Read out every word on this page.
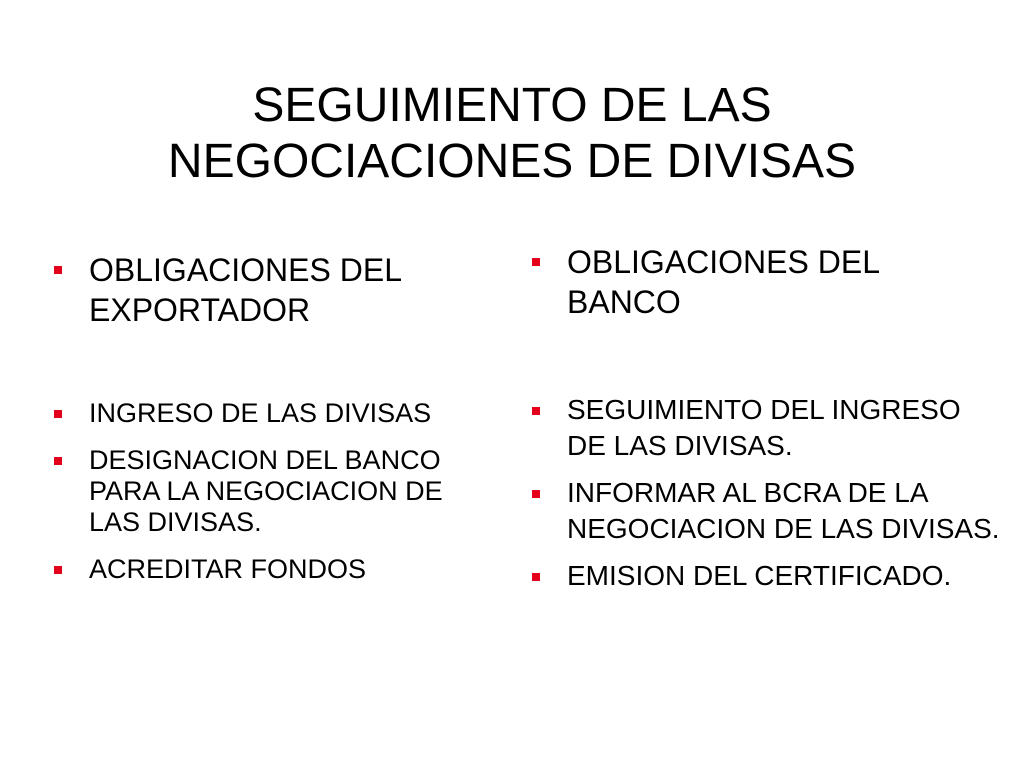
SEGUIMIENTO DE LAS
NEGOCIACIONES DE DIVISAS
OBLIGACIONES DEL EXPORTADOR
INGRESO DE LAS DIVISAS
DESIGNACION DEL BANCO PARA LA NEGOCIACION DE LAS DIVISAS.
ACREDITAR FONDOS
OBLIGACIONES DEL BANCO
SEGUIMIENTO DEL INGRESO DE LAS DIVISAS.
INFORMAR AL BCRA DE LA NEGOCIACION DE LAS DIVISAS.
EMISION DEL CERTIFICADO.
